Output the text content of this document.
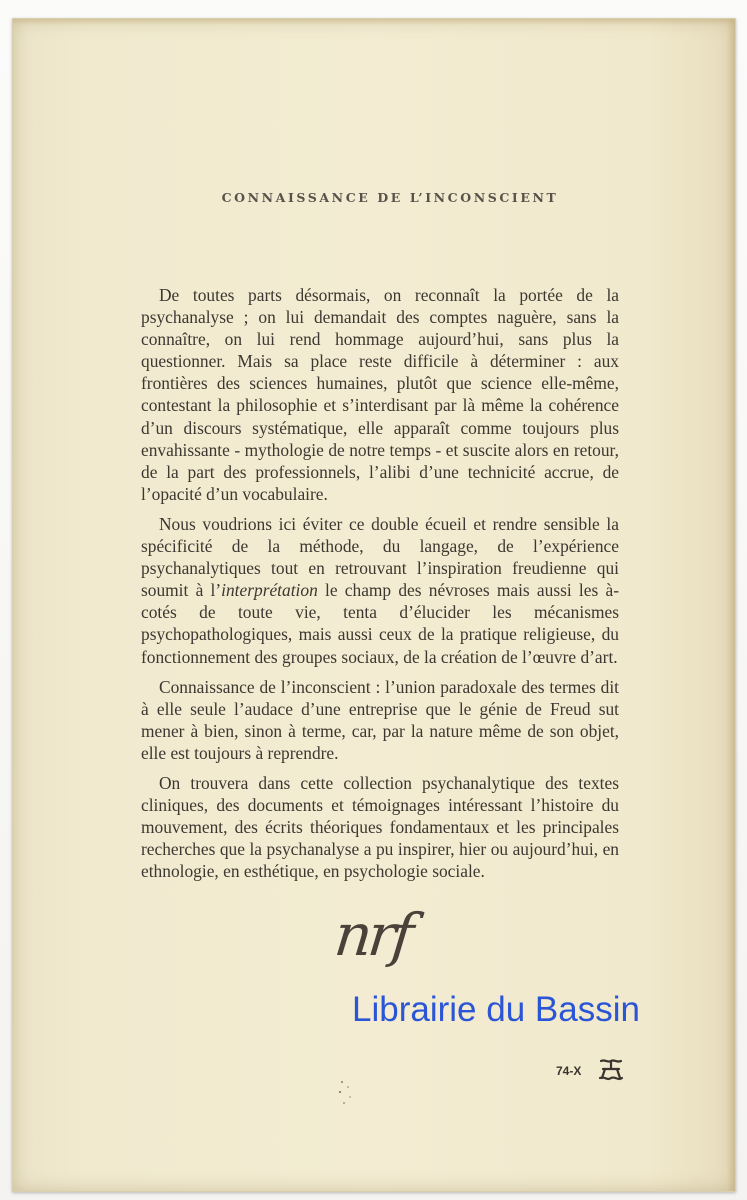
CONNAISSANCE DE L’INCONSCIENT

De toutes parts désormais, on reconnaît la portée de la psychanalyse ; on lui demandait des comptes naguère, sans la connaître, on lui rend hommage aujourd’hui, sans plus la questionner. Mais sa place reste difficile à déterminer : aux frontières des sciences humaines, plutôt que science elle-même, contestant la philosophie et s’interdisant par là même la cohérence d’un discours systématique, elle apparaît comme toujours plus envahissante - mythologie de notre temps - et suscite alors en retour, de la part des professionnels, l’alibi d’une technicité accrue, de l’opacité d’un vocabulaire.

Nous voudrions ici éviter ce double écueil et rendre sensible la spécificité de la méthode, du langage, de l’expérience psychanalytiques tout en retrouvant l’inspiration freudienne qui soumit à l’interprétation le champ des névroses mais aussi les à-cotés de toute vie, tenta d’élucider les mécanismes psychopathologiques, mais aussi ceux de la pratique religieuse, du fonctionnement des groupes sociaux, de la création de l’œuvre d’art.

Connaissance de l’inconscient : l’union paradoxale des termes dit à elle seule l’audace d’une entreprise que le génie de Freud sut mener à bien, sinon à terme, car, par la nature même de son objet, elle est toujours à reprendre.

On trouvera dans cette collection psychanalytique des textes cliniques, des documents et témoignages intéressant l’histoire du mouvement, des écrits théoriques fondamentaux et les principales recherches que la psychanalyse a pu inspirer, hier ou aujourd’hui, en ethnologie, en esthétique, en psychologie sociale.

nrf
Librairie du Bassin
74-X
